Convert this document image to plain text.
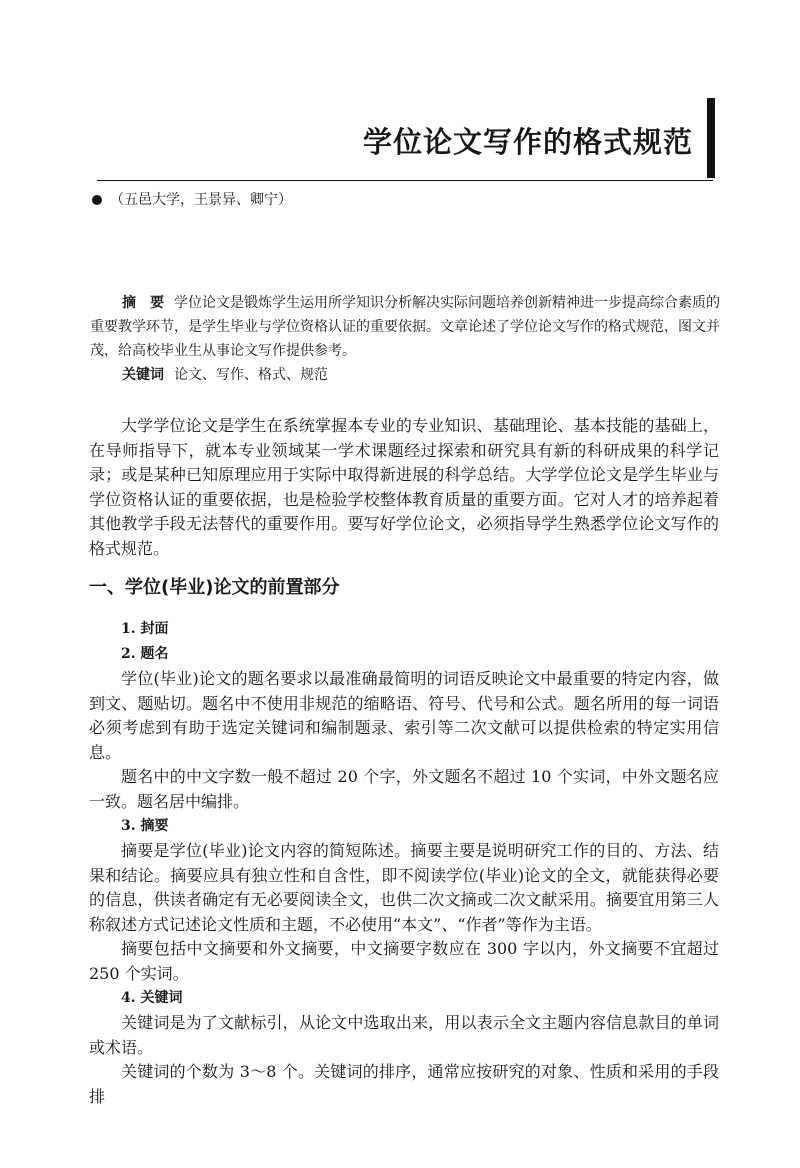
学位论文写作的格式规范
（五邑大学，王景异、卿宁）

摘　要 学位论文是锻炼学生运用所学知识分析解决实际问题培养创新精神进一步提高综合素质的重要教学环节，是学生毕业与学位资格认证的重要依据。文章论述了学位论文写作的格式规范，图文并茂，给高校毕业生从事论文写作提供参考。

关键词 论文、写作、格式、规范

大学学位论文是学生在系统掌握本专业的专业知识、基础理论、基本技能的基础上，在导师指导下，就本专业领域某一学术课题经过探索和研究具有新的科研成果的科学记录；或是某种已知原理应用于实际中取得新进展的科学总结。大学学位论文是学生毕业与学位资格认证的重要依据，也是检验学校整体教育质量的重要方面。它对人才的培养起着其他教学手段无法替代的重要作用。要写好学位论文，必须指导学生熟悉学位论文写作的格式规范。

一、学位(毕业)论文的前置部分

1. 封面

2. 题名

学位(毕业)论文的题名要求以最准确最简明的词语反映论文中最重要的特定内容，做到文、题贴切。题名中不使用非规范的缩略语、符号、代号和公式。题名所用的每一词语必须考虑到有助于选定关键词和编制题录、索引等二次文献可以提供检索的特定实用信息。

题名中的中文字数一般不超过 20 个字，外文题名不超过 10 个实词，中外文题名应一致。题名居中编排。

3. 摘要

摘要是学位(毕业)论文内容的简短陈述。摘要主要是说明研究工作的目的、方法、结果和结论。摘要应具有独立性和自含性，即不阅读学位(毕业)论文的全文，就能获得必要的信息，供读者确定有无必要阅读全文，也供二次文摘或二次文献采用。摘要宜用第三人称叙述方式记述论文性质和主题，不必使用“本文”、“作者”等作为主语。

摘要包括中文摘要和外文摘要，中文摘要字数应在 300 字以内，外文摘要不宜超过 250 个实词。

4. 关键词

关键词是为了文献标引，从论文中选取出来，用以表示全文主题内容信息款目的单词或术语。

关键词的个数为 3～8 个。关键词的排序，通常应按研究的对象、性质和采用的手段排
